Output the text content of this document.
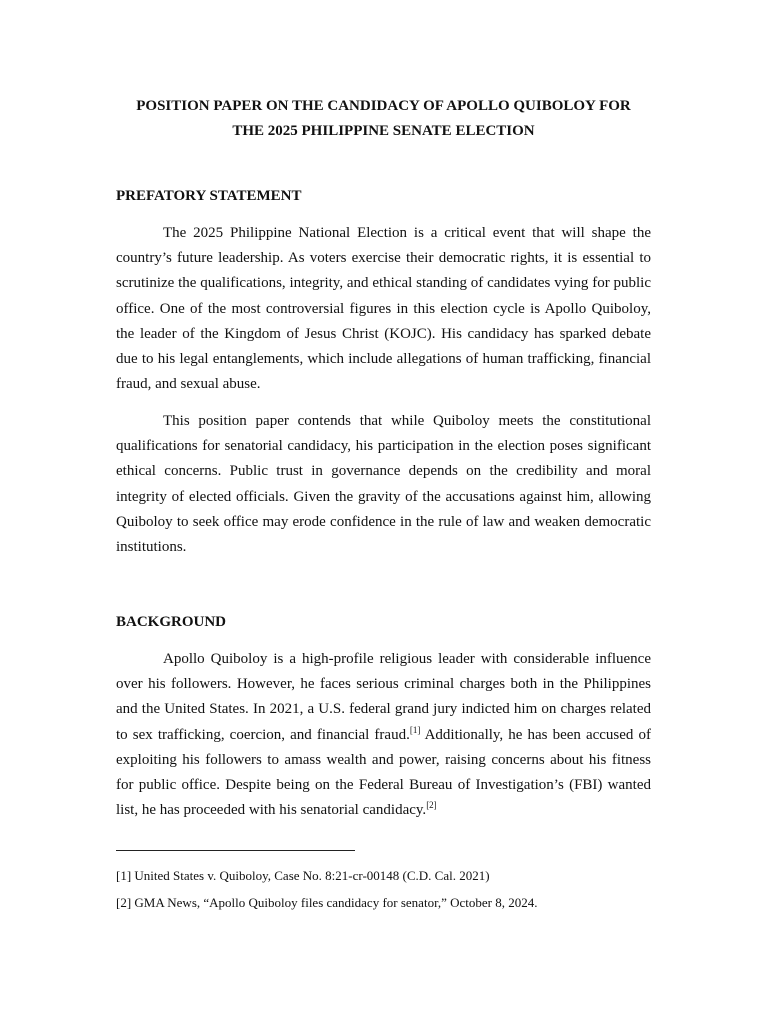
POSITION PAPER ON THE CANDIDACY OF APOLLO QUIBOLOY FOR
THE 2025 PHILIPPINE SENATE ELECTION
PREFATORY STATEMENT

The 2025 Philippine National Election is a critical event that will shape the country’s future leadership. As voters exercise their democratic rights, it is essential to scrutinize the qualifications, integrity, and ethical standing of candidates vying for public office. One of the most controversial figures in this election cycle is Apollo Quiboloy, the leader of the Kingdom of Jesus Christ (KOJC). His candidacy has sparked debate due to his legal entanglements, which include allegations of human trafficking, financial fraud, and sexual abuse.

This position paper contends that while Quiboloy meets the constitutional qualifications for senatorial candidacy, his participation in the election poses significant ethical concerns. Public trust in governance depends on the credibility and moral integrity of elected officials. Given the gravity of the accusations against him, allowing Quiboloy to seek office may erode confidence in the rule of law and weaken democratic institutions.

BACKGROUND

Apollo Quiboloy is a high-profile religious leader with considerable influence over his followers. However, he faces serious criminal charges both in the Philippines and the United States. In 2021, a U.S. federal grand jury indicted him on charges related to sex trafficking, coercion, and financial fraud.[1] Additionally, he has been accused of exploiting his followers to amass wealth and power, raising concerns about his fitness for public office. Despite being on the Federal Bureau of Investigation’s (FBI) wanted list, he has proceeded with his senatorial candidacy.[2]

[1] United States v. Quiboloy, Case No. 8:21-cr-00148 (C.D. Cal. 2021)

[2] GMA News, “Apollo Quiboloy files candidacy for senator,” October 8, 2024.
